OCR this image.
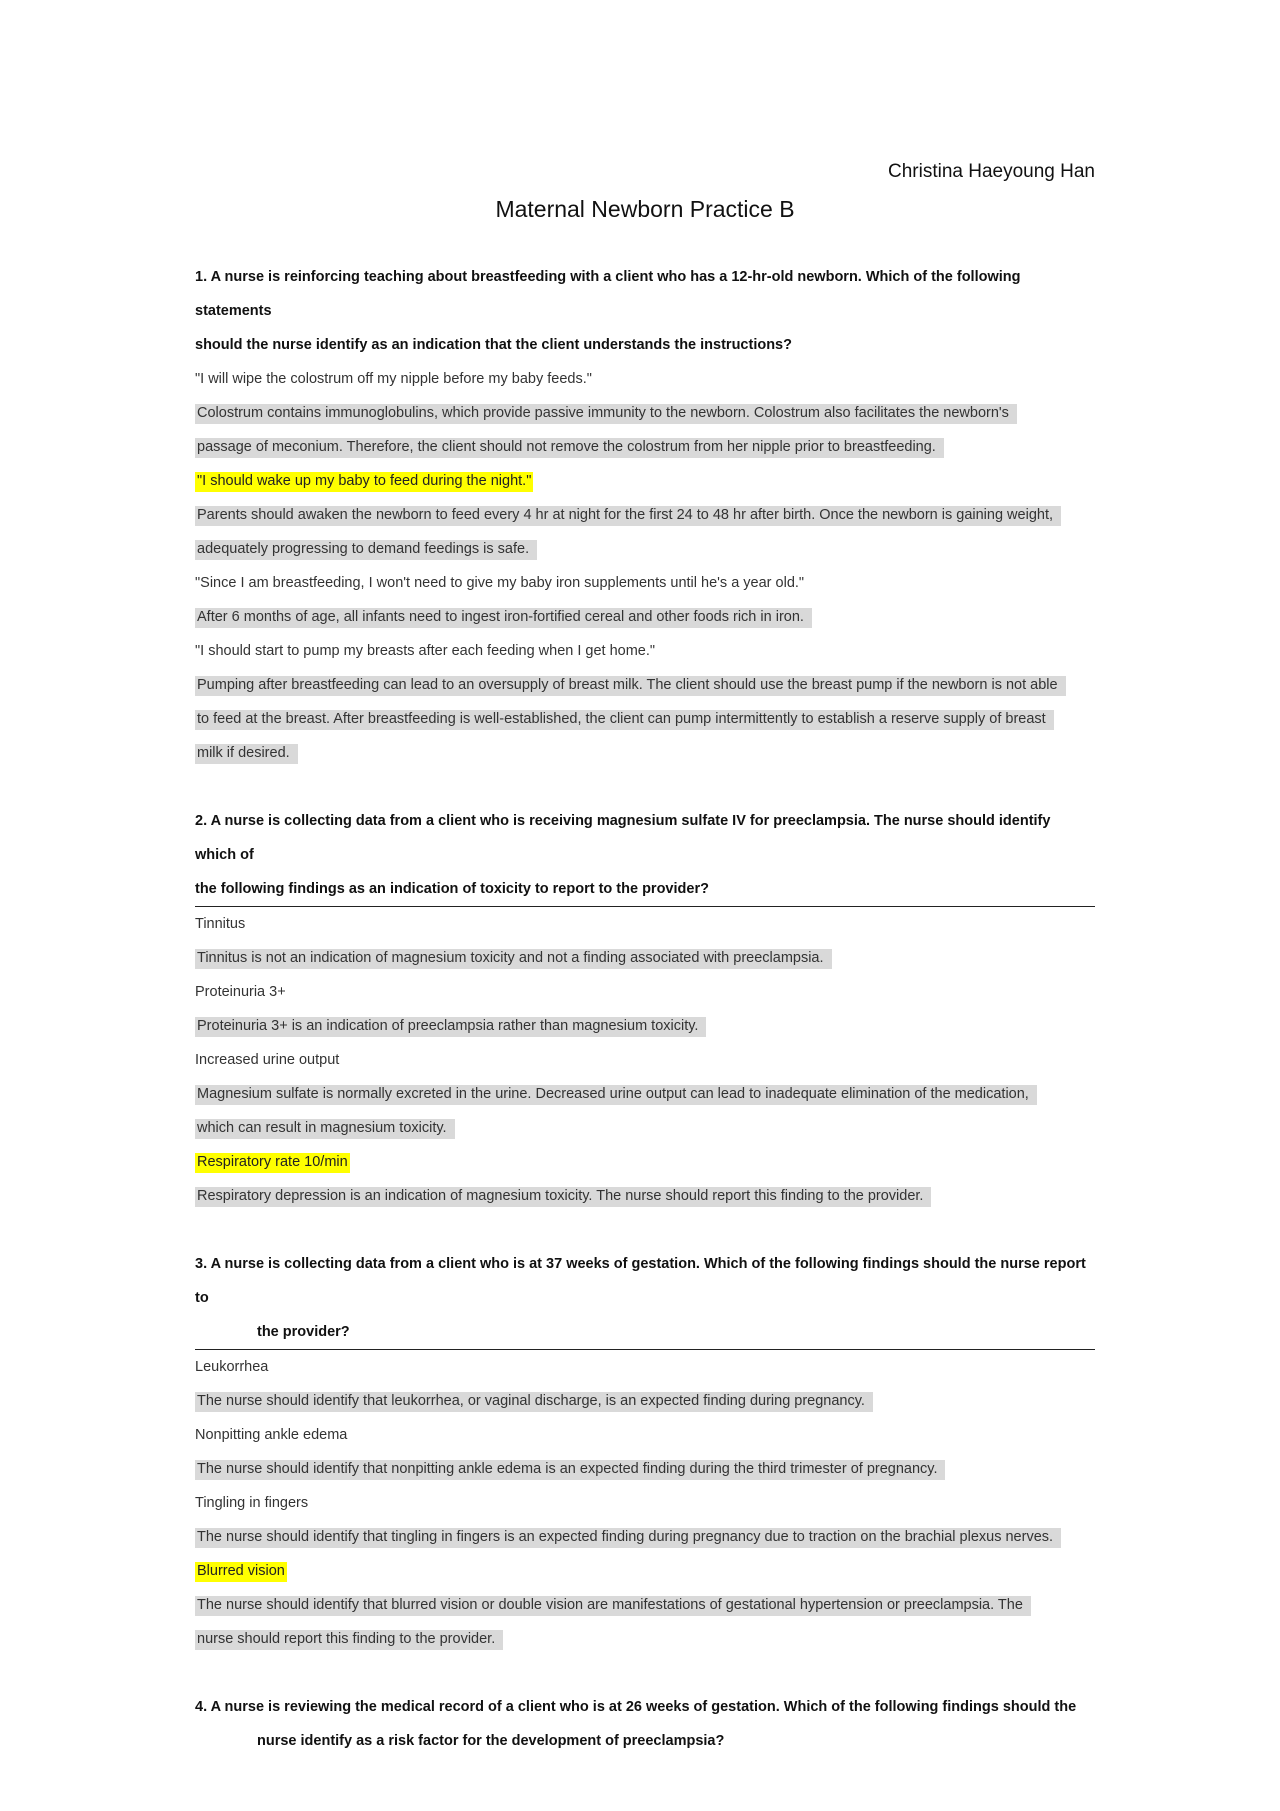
Christina Haeyoung Han
Maternal Newborn Practice B
1. A nurse is reinforcing teaching about breastfeeding with a client who has a 12-hr-old newborn. Which of the following statements
should the nurse identify as an indication that the client understands the instructions?
"I will wipe the colostrum off my nipple before my baby feeds."
Colostrum contains immunoglobulins, which provide passive immunity to the newborn. Colostrum also facilitates the newborn's
passage of meconium. Therefore, the client should not remove the colostrum from her nipple prior to breastfeeding.
"I should wake up my baby to feed during the night."
Parents should awaken the newborn to feed every 4 hr at night for the first 24 to 48 hr after birth. Once the newborn is gaining weight,
adequately progressing to demand feedings is safe.
"Since I am breastfeeding, I won't need to give my baby iron supplements until he's a year old."
After 6 months of age, all infants need to ingest iron-fortified cereal and other foods rich in iron.
"I should start to pump my breasts after each feeding when I get home."
Pumping after breastfeeding can lead to an oversupply of breast milk. The client should use the breast pump if the newborn is not able
to feed at the breast. After breastfeeding is well-established, the client can pump intermittently to establish a reserve supply of breast
milk if desired.
2. A nurse is collecting data from a client who is receiving magnesium sulfate IV for preeclampsia. The nurse should identify which of
the following findings as an indication of toxicity to report to the provider?
Tinnitus
Tinnitus is not an indication of magnesium toxicity and not a finding associated with preeclampsia.
Proteinuria 3+
Proteinuria 3+ is an indication of preeclampsia rather than magnesium toxicity.
Increased urine output
Magnesium sulfate is normally excreted in the urine. Decreased urine output can lead to inadequate elimination of the medication,
which can result in magnesium toxicity.
Respiratory rate 10/min
Respiratory depression is an indication of magnesium toxicity. The nurse should report this finding to the provider.
3. A nurse is collecting data from a client who is at 37 weeks of gestation. Which of the following findings should the nurse report to
the provider?
Leukorrhea
The nurse should identify that leukorrhea, or vaginal discharge, is an expected finding during pregnancy.
Nonpitting ankle edema
The nurse should identify that nonpitting ankle edema is an expected finding during the third trimester of pregnancy.
Tingling in fingers
The nurse should identify that tingling in fingers is an expected finding during pregnancy due to traction on the brachial plexus nerves.
Blurred vision
The nurse should identify that blurred vision or double vision are manifestations of gestational hypertension or preeclampsia. The
nurse should report this finding to the provider.
4. A nurse is reviewing the medical record of a client who is at 26 weeks of gestation. Which of the following findings should the
nurse identify as a risk factor for the development of preeclampsia?
